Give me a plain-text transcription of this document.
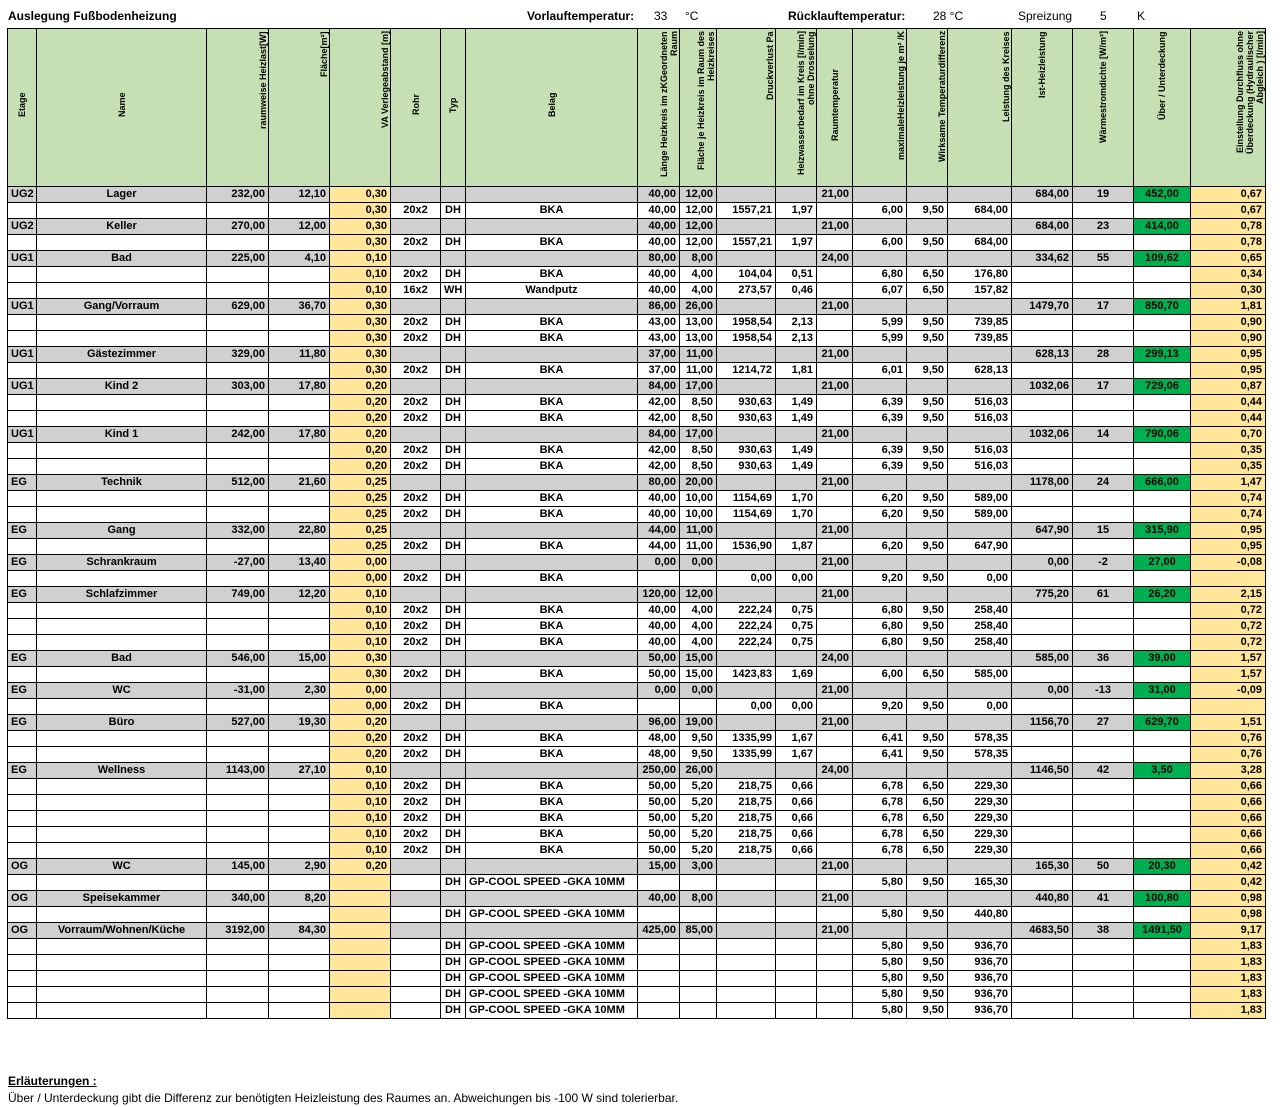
Auslegung Fußbodenheizung	Vorlauftemperatur: 33 °C	Rücklauftemperatur: 28 °C	Spreizung 5	K
Etage	Name	raumweise Heizlast[W]	Fläche[m²]	VA Verlegeabstand [m]	Rohr	Typ	Belag	Länge Heizkreis im zKGeordneten Raum	Fläche je Heizkreis im Raum des Heizkreises	Druckverlust Pa	Heizwasserbedarf im Kreis [l/min] ohne Drosselung	Raumtemperatur	maximaleHeizleistung je m² /K	Wirksame Temperaturdifferenz	Leistung des Kreises	Ist-Heizleistung	Wärmestromdichte [W/m²]	Über / Unterdeckung	Einstellung Durchfluss ohne Überdeckung (Hydraulischer Abgleich ) [l/min]
UG2	Lager	232,00	12,10	0,30				40,00	12,00			21,00				684,00	19	452,00	0,67
				0,30	20x2	DH	BKA	40,00	12,00	1557,21	1,97		6,00	9,50	684,00				0,67
UG2	Keller	270,00	12,00	0,30				40,00	12,00			21,00				684,00	23	414,00	0,78
				0,30	20x2	DH	BKA	40,00	12,00	1557,21	1,97		6,00	9,50	684,00				0,78
UG1	Bad	225,00	4,10	0,10				80,00	8,00			24,00				334,62	55	109,62	0,65
				0,10	20x2	DH	BKA	40,00	4,00	104,04	0,51		6,80	6,50	176,80				0,34
				0,10	16x2	WH	Wandputz	40,00	4,00	273,57	0,46		6,07	6,50	157,82				0,30
UG1	Gang/Vorraum	629,00	36,70	0,30				86,00	26,00			21,00				1479,70	17	850,70	1,81
				0,30	20x2	DH	BKA	43,00	13,00	1958,54	2,13		5,99	9,50	739,85				0,90
				0,30	20x2	DH	BKA	43,00	13,00	1958,54	2,13		5,99	9,50	739,85				0,90
UG1	Gästezimmer	329,00	11,80	0,30				37,00	11,00			21,00				628,13	28	299,13	0,95
				0,30	20x2	DH	BKA	37,00	11,00	1214,72	1,81		6,01	9,50	628,13				0,95
UG1	Kind 2	303,00	17,80	0,20				84,00	17,00			21,00				1032,06	17	729,06	0,87
				0,20	20x2	DH	BKA	42,00	8,50	930,63	1,49		6,39	9,50	516,03				0,44
				0,20	20x2	DH	BKA	42,00	8,50	930,63	1,49		6,39	9,50	516,03				0,44
UG1	Kind 1	242,00	17,80	0,20				84,00	17,00			21,00				1032,06	14	790,06	0,70
				0,20	20x2	DH	BKA	42,00	8,50	930,63	1,49		6,39	9,50	516,03				0,35
				0,20	20x2	DH	BKA	42,00	8,50	930,63	1,49		6,39	9,50	516,03				0,35
EG	Technik	512,00	21,60	0,25				80,00	20,00			21,00				1178,00	24	666,00	1,47
				0,25	20x2	DH	BKA	40,00	10,00	1154,69	1,70		6,20	9,50	589,00				0,74
				0,25	20x2	DH	BKA	40,00	10,00	1154,69	1,70		6,20	9,50	589,00				0,74
EG	Gang	332,00	22,80	0,25				44,00	11,00			21,00				647,90	15	315,90	0,95
				0,25	20x2	DH	BKA	44,00	11,00	1536,90	1,87		6,20	9,50	647,90				0,95
EG	Schrankraum	-27,00	13,40	0,00				0,00	0,00			21,00				0,00	-2	27,00	-0,08
				0,00	20x2	DH	BKA			0,00	0,00		9,20	9,50	0,00				
EG	Schlafzimmer	749,00	12,20	0,10				120,00	12,00			21,00				775,20	61	26,20	2,15
				0,10	20x2	DH	BKA	40,00	4,00	222,24	0,75		6,80	9,50	258,40				0,72
				0,10	20x2	DH	BKA	40,00	4,00	222,24	0,75		6,80	9,50	258,40				0,72
				0,10	20x2	DH	BKA	40,00	4,00	222,24	0,75		6,80	9,50	258,40				0,72
EG	Bad	546,00	15,00	0,30				50,00	15,00			24,00				585,00	36	39,00	1,57
				0,30	20x2	DH	BKA	50,00	15,00	1423,83	1,69		6,00	6,50	585,00				1,57
EG	WC	-31,00	2,30	0,00				0,00	0,00			21,00				0,00	-13	31,00	-0,09
				0,00	20x2	DH	BKA			0,00	0,00		9,20	9,50	0,00				
EG	Büro	527,00	19,30	0,20				96,00	19,00			21,00				1156,70	27	629,70	1,51
				0,20	20x2	DH	BKA	48,00	9,50	1335,99	1,67		6,41	9,50	578,35				0,76
				0,20	20x2	DH	BKA	48,00	9,50	1335,99	1,67		6,41	9,50	578,35				0,76
EG	Wellness	1143,00	27,10	0,10				250,00	26,00			24,00				1146,50	42	3,50	3,28
				0,10	20x2	DH	BKA	50,00	5,20	218,75	0,66		6,78	6,50	229,30				0,66
				0,10	20x2	DH	BKA	50,00	5,20	218,75	0,66		6,78	6,50	229,30				0,66
				0,10	20x2	DH	BKA	50,00	5,20	218,75	0,66		6,78	6,50	229,30				0,66
				0,10	20x2	DH	BKA	50,00	5,20	218,75	0,66		6,78	6,50	229,30				0,66
				0,10	20x2	DH	BKA	50,00	5,20	218,75	0,66		6,78	6,50	229,30				0,66
OG	WC	145,00	2,90	0,20				15,00	3,00			21,00				165,30	50	20,30	0,42
						DH	GP-COOL SPEED -GKA 10MM						5,80	9,50	165,30				0,42
OG	Speisekammer	340,00	8,20					40,00	8,00			21,00				440,80	41	100,80	0,98
						DH	GP-COOL SPEED -GKA 10MM						5,80	9,50	440,80				0,98
OG	Vorraum/Wohnen/Küche	3192,00	84,30					425,00	85,00			21,00				4683,50	38	1491,50	9,17
						DH	GP-COOL SPEED -GKA 10MM						5,80	9,50	936,70				1,83
						DH	GP-COOL SPEED -GKA 10MM						5,80	9,50	936,70				1,83
						DH	GP-COOL SPEED -GKA 10MM						5,80	9,50	936,70				1,83
						DH	GP-COOL SPEED -GKA 10MM						5,80	9,50	936,70				1,83
						DH	GP-COOL SPEED -GKA 10MM						5,80	9,50	936,70				1,83
Erläuterungen :
Über / Unterdeckung gibt die Differenz zur benötigten Heizleistung des Raumes an. Abweichungen bis -100 W sind tolerierbar.
